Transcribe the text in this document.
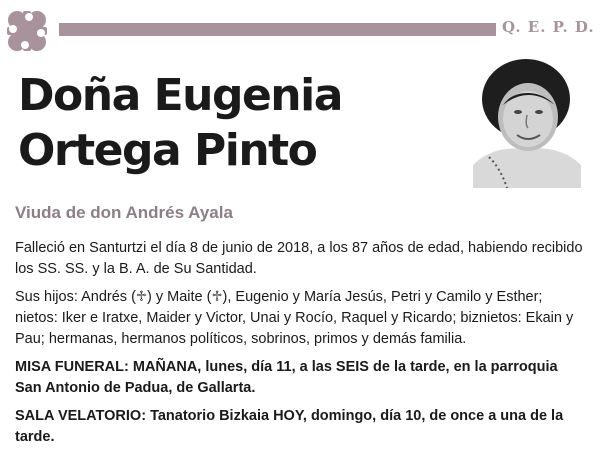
Q. E. P. D.
Doña Eugenia
Ortega Pinto
Viuda de don Andrés Ayala

Falleció en Santurtzi el día 8 de junio de 2018, a los 87 años de edad, habiendo recibido los SS. SS. y la B. A. de Su Santidad.

Sus hijos: Andrés (♱) y Maite (♱), Eugenio y María Jesús, Petri y Camilo y Esther; nietos: Iker e Iratxe, Maider y Victor, Unai y Rocío, Raquel y Ricardo; biznietos: Ekain y Pau; hermanas, hermanos políticos, sobrinos, primos y demás familia.

MISA FUNERAL: MAÑANA, lunes, día 11, a las SEIS de la tarde, en la parroquia San Antonio de Padua, de Gallarta.

SALA VELATORIO: Tanatorio Bizkaia HOY, domingo, día 10, de once a una de la tarde.
